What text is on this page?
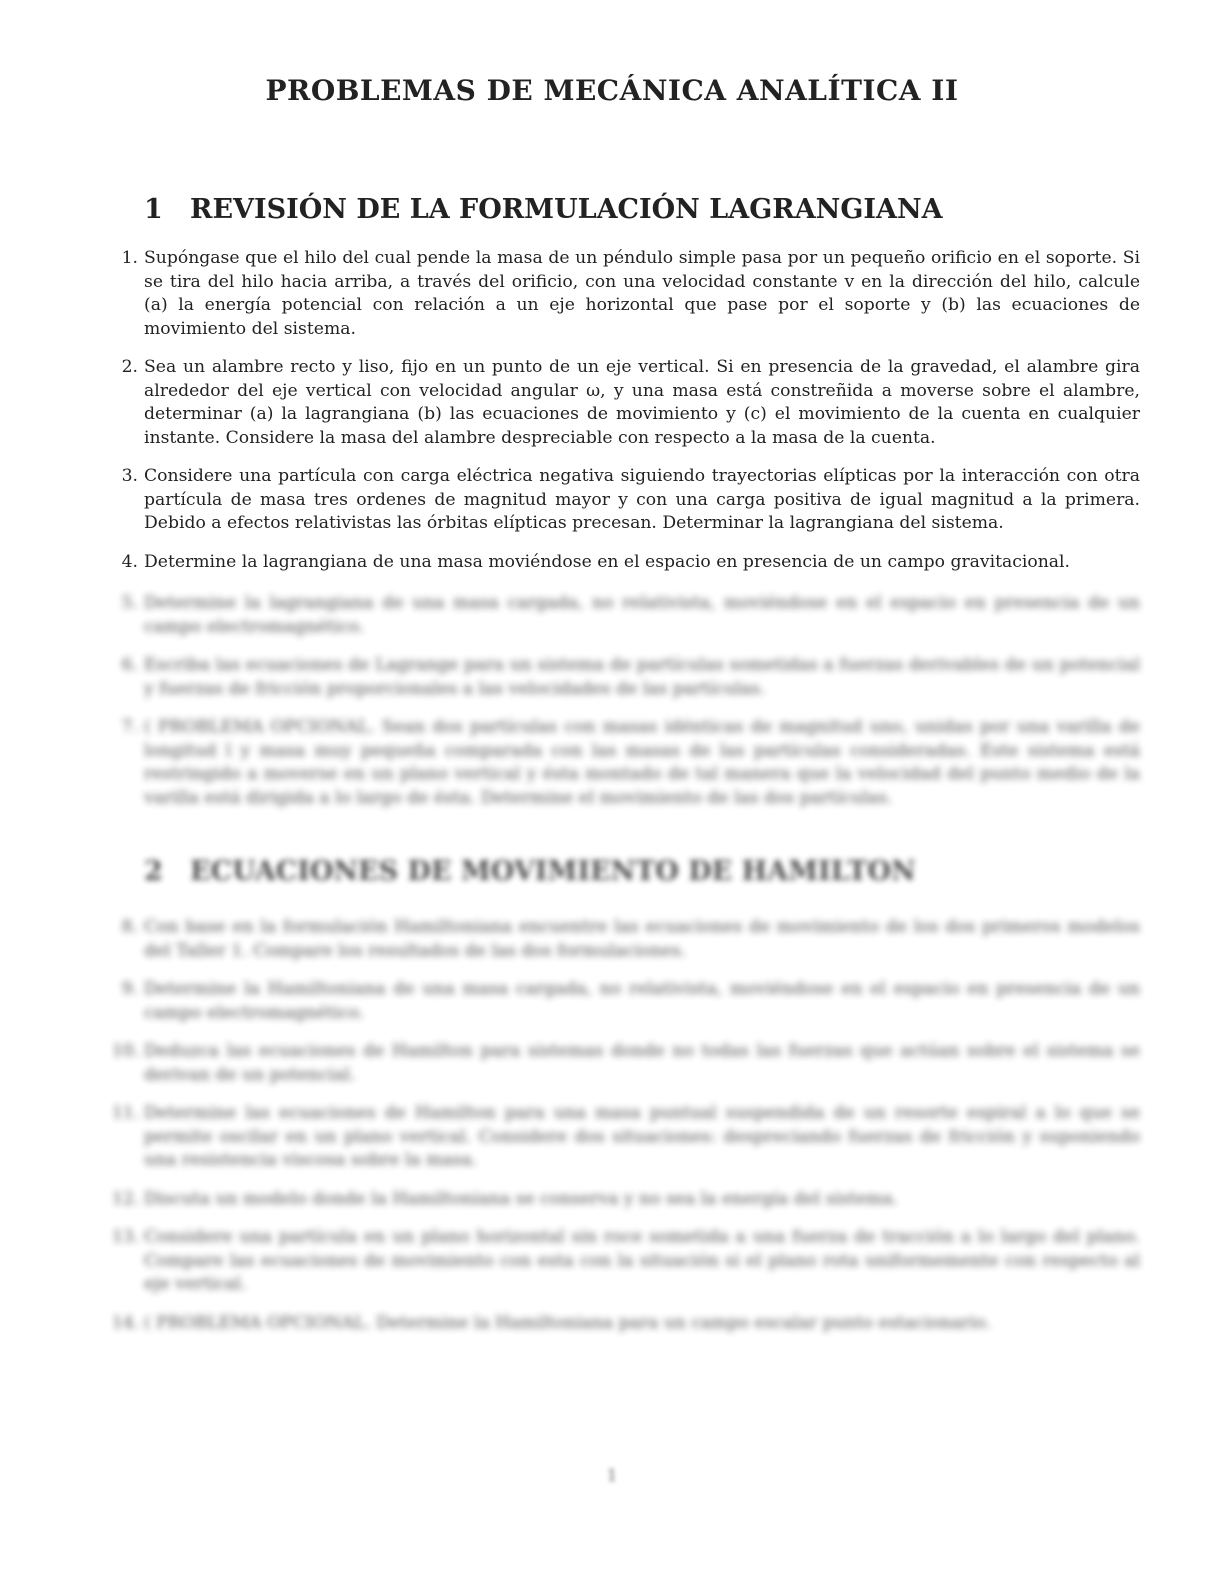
PROBLEMAS DE MECÁNICA ANALÍTICA II
1 REVISIÓN DE LA FORMULACIÓN LAGRANGIANA
1. Supóngase que el hilo del cual pende la masa de un péndulo simple pasa por un pequeño orificio en el soporte. Si se tira del hilo hacia arriba, a través del orificio, con una velocidad constante v en la dirección del hilo, calcule (a) la energía potencial con relación a un eje horizontal que pase por el soporte y (b) las ecuaciones de movimiento del sistema.
2. Sea un alambre recto y liso, fijo en un punto de un eje vertical. Si en presencia de la gravedad, el alambre gira alrededor del eje vertical con velocidad angular ω, y una masa está constreñida a moverse sobre el alambre, determinar (a) la lagrangiana (b) las ecuaciones de movimiento y (c) el movimiento de la cuenta en cualquier instante. Considere la masa del alambre despreciable con respecto a la masa de la cuenta.
3. Considere una partícula con carga eléctrica negativa siguiendo trayectorias elípticas por la interacción con otra partícula de masa tres ordenes de magnitud mayor y con una carga positiva de igual magnitud a la primera. Debido a efectos relativistas las órbitas elípticas precesan. Determinar la lagrangiana del sistema.
4. Determine la lagrangiana de una masa moviéndose en el espacio en presencia de un campo gravitacional.
5. Determine la lagrangiana de una masa cargada, no relativista, moviéndose en el espacio en presencia de un campo electromagnético.
6. Escriba las ecuaciones de Lagrange para un sistema de partículas sometidas a fuerzas derivables de un potencial y fuerzas de fricción proporcionales a las velocidades de las partículas.
7. ( PROBLEMA OPCIONAL. Sean dos partículas con masas idénticas de magnitud uno, unidas por una varilla de longitud l y masa muy pequeña comparada con las masas de las partículas consideradas. Este sistema está restringido a moverse en un plano vertical y ésta montado de tal manera que la velocidad del punto medio de la varilla está dirigida a lo largo de ésta. Determine el movimiento de las dos partículas.
2 ECUACIONES DE MOVIMIENTO DE HAMILTON
8. Con base en la formulación Hamiltoniana encuentre las ecuaciones de movimiento de los dos primeros modelos del Taller 1. Compare los resultados de las dos formulaciones.
9. Determine la Hamiltoniana de una masa cargada, no relativista, moviéndose en el espacio en presencia de un campo electromagnético.
10. Deduzca las ecuaciones de Hamilton para sistemas donde no todas las fuerzas que actúan sobre el sistema se derivan de un potencial.
11. Determine las ecuaciones de Hamilton para una masa puntual suspendida de un resorte espiral a lo que se permite oscilar en un plano vertical. Considere dos situaciones: despreciando fuerzas de fricción y suponiendo una resistencia viscosa sobre la masa.
12. Discuta un modelo donde la Hamiltoniana se conserva y no sea la energía del sistema.
13. Considere una partícula en un plano horizontal sin roce sometida a una fuerza de tracción a lo largo del plano. Compare las ecuaciones de movimiento con esta con la situación si el plano rota uniformemente con respecto al eje vertical.
14. ( PROBLEMA OPCIONAL. Determine la Hamiltoniana para un campo escalar punto estacionario.
1
